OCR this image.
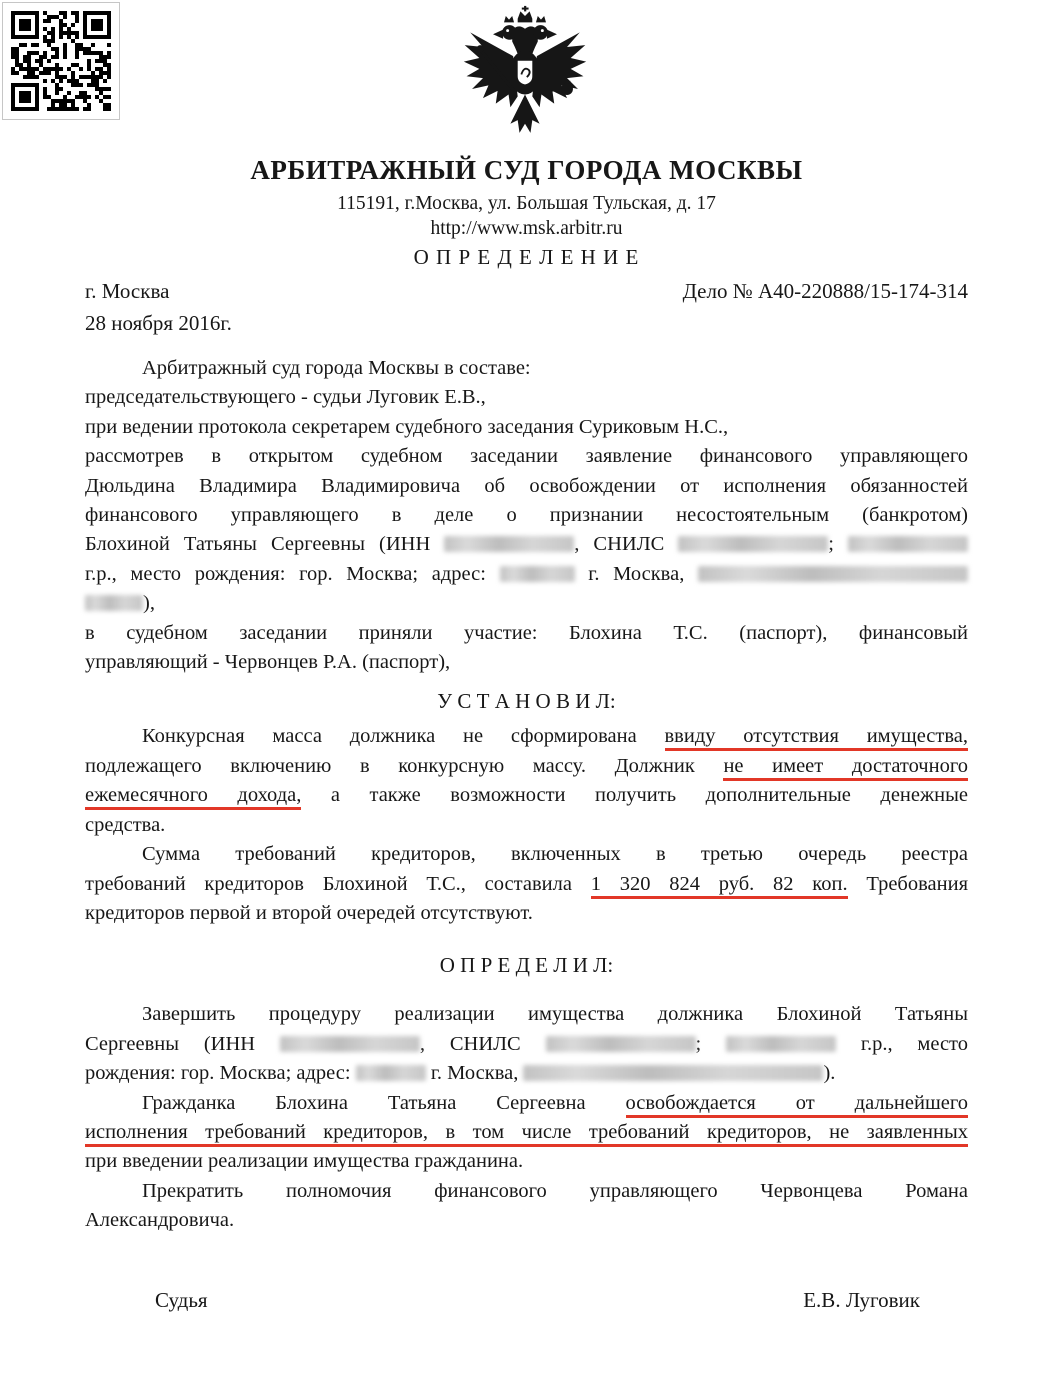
АРБИТРАЖНЫЙ СУД ГОРОДА МОСКВЫ
115191, г.Москва, ул. Большая Тульская, д. 17
http://www.msk.arbitr.ru
О П Р Е Д Е Л Е Н И Е
г. Москва	Дело № А40-220888/15-174-314
28 ноября 2016г.
Арбитражный суд города Москвы в составе:
председательствующего - судьи Луговик Е.В.,
при ведении протокола секретарем судебного заседания Суриковым Н.С.,
рассмотрев в открытом судебном заседании заявление финансового управляющего
Дюльдина Владимира Владимировича об освобождении от исполнения обязанностей
финансового управляющего в деле о признании несостоятельным (банкротом)
Блохиной Татьяны Сергеевны (ИНН	, СНИЛС	;
г.р., место рождения: гор. Москва; адрес:	г. Москва,
),
в судебном заседании приняли участие: Блохина Т.С. (паспорт), финансовый
управляющий - Червонцев Р.А. (паспорт),
У С Т А Н О В И Л:
Конкурсная масса должника не сформирована ввиду отсутствия имущества,
подлежащего включению в конкурсную массу. Должник не имеет достаточного
ежемесячного дохода, а также возможности получить дополнительные денежные
средства.
Сумма требований кредиторов, включенных в третью очередь реестра
требований кредиторов Блохиной Т.С., составила 1 320 824 руб. 82 коп. Требования
кредиторов первой и второй очередей отсутствуют.
О П Р Е Д Е Л И Л:
Завершить процедуру реализации имущества должника Блохиной Татьяны
Сергеевны (ИНН	, СНИЛС	;	г.р., место
рождения: гор. Москва; адрес:	г. Москва,	).
Гражданка Блохина Татьяна Сергеевна освобождается от дальнейшего
исполнения требований кредиторов, в том числе требований кредиторов, не заявленных
при введении реализации имущества гражданина.
Прекратить полномочия финансового управляющего Червонцева Романа
Александровича.
Судья	Е.В. Луговик
